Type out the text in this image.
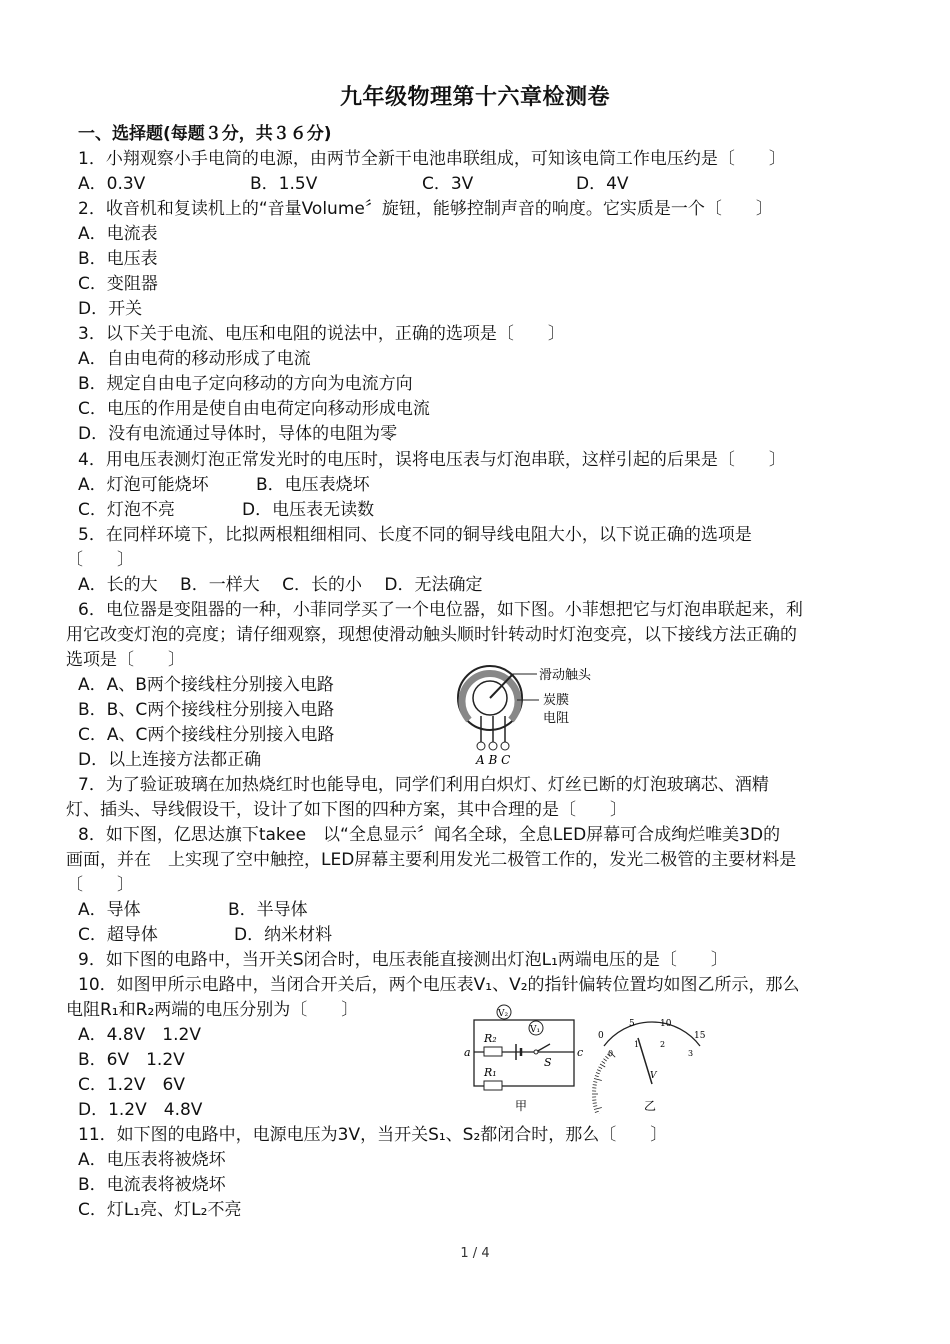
九年级物理第十六章检测卷
一、选择题(每题３分，共３６分)
1．小翔观察小手电筒的电源，由两节全新干电池串联组成，可知该电筒工作电压约是〔　　〕
A．0.3V	B．1.5V	C．3V	D．4V
2．收音机和复读机上的“音量Volume〞旋钮，能够控制声音的响度。它实质是一个〔　　〕
A．电流表
B．电压表
C．变阻器
D．开关
3．以下关于电流、电压和电阻的说法中，正确的选项是〔　　〕
A．自由电荷的移动形成了电流
B．规定自由电子定向移动的方向为电流方向
C．电压的作用是使自由电荷定向移动形成电流
D．没有电流通过导体时，导体的电阻为零
4．用电压表测灯泡正常发光时的电压时，误将电压表与灯泡串联，这样引起的后果是〔　　〕
A．灯泡可能烧坏	B．电压表烧坏
C．灯泡不亮	D．电压表无读数
5．在同样环境下，比拟两根粗细相同、长度不同的铜导线电阻大小，以下说正确的选项是
〔　　〕
A．长的大　 B．一样大　 C．长的小　 D．无法确定
6．电位器是变阻器的一种，小菲同学买了一个电位器，如下图。小菲想把它与灯泡串联起来，利
用它改变灯泡的亮度；请仔细观察，现想使滑动触头顺时针转动时灯泡变亮，以下接线方法正确的
选项是〔　　〕
A．A、B两个接线柱分别接入电路
B．B、C两个接线柱分别接入电路
C．A、C两个接线柱分别接入电路
D．以上连接方法都正确
滑动触头
炭膜
电阻
A B C
7．为了验证玻璃在加热烧红时也能导电，同学们利用白炽灯、灯丝已断的灯泡玻璃芯、酒精
灯、插头、导线假设干，设计了如下图的四种方案，其中合理的是〔　　〕
8．如下图，亿思达旗下takee　以“全息显示〞闻名全球，全息LED屏幕可合成绚烂唯美3D的
画面，并在　上实现了空中触控，LED屏幕主要利用发光二极管工作的，发光二极管的主要材料是
〔　　〕
A．导体	B．半导体
C．超导体	D．纳米材料
9．如下图的电路中，当开关S闭合时，电压表能直接测出灯泡L₁两端电压的是〔　　〕
10．如图甲所示电路中，当闭合开关后，两个电压表V₁、V₂的指针偏转位置均如图乙所示，那么
电阻R₁和R₂两端的电压分别为〔　　〕
A．4.8V　1.2V
B．6V　1.2V
C．1.2V　6V
D．1.2V　4.8V
V₂
V₁
R₂
S
R₁
a	c
甲
V
0
5	10
15
0
1	2
3
乙
11．如下图的电路中，电源电压为3V，当开关S₁、S₂都闭合时，那么〔　　〕
A．电压表将被烧坏
B．电流表将被烧坏
C．灯L₁亮、灯L₂不亮
1 / 4
